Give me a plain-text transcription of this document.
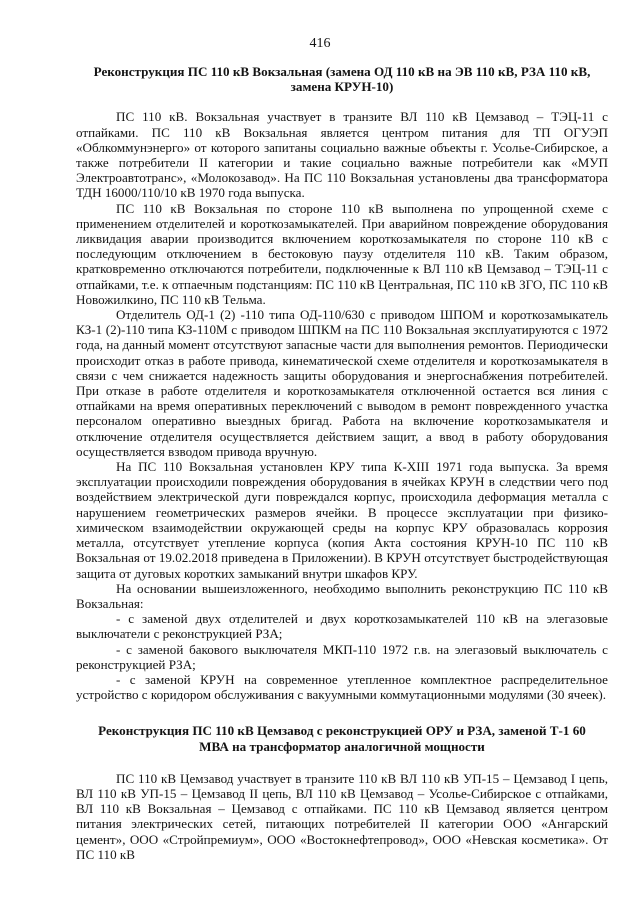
416

Реконструкция ПС 110 кВ Вокзальная (замена ОД 110 кВ на ЭВ 110 кВ, РЗА 110 кВ, замена КРУН-10)

ПС 110 кВ. Вокзальная участвует в транзите ВЛ 110 кВ Цемзавод – ТЭЦ-11 с отпайками. ПС 110 кВ Вокзальная является центром питания для ТП ОГУЭП «Облкоммунэнерго» от которого запитаны социально важные объекты г. Усолье-Сибирское, а также потребители II категории и такие социально важные потребители как «МУП Электроавтотранс», «Молокозавод». На ПС 110 Вокзальная установлены два трансформатора ТДН 16000/110/10 кВ 1970 года выпуска.

ПС 110 кВ Вокзальная по стороне 110 кВ выполнена по упрощенной схеме с применением отделителей и короткозамыкателей. При аварийном повреждение оборудования ликвидация аварии производится включением короткозамыкателя по стороне 110 кВ с последующим отключением в бестоковую паузу отделителя 110 кВ. Таким образом, кратковременно отключаются потребители, подключенные к ВЛ 110 кВ Цемзавод – ТЭЦ-11 с отпайками, т.е. к отпаечным подстанциям: ПС 110 кВ Центральная, ПС 110 кВ ЗГО, ПС 110 кВ Новожилкино, ПС 110 кВ Тельма.

Отделитель ОД-1 (2) -110 типа ОД-110/630 с приводом ШПОМ и короткозамыкатель КЗ-1 (2)-110 типа КЗ-110М с приводом ШПКМ на ПС 110 Вокзальная эксплуатируются с 1972 года, на данный момент отсутствуют запасные части для выполнения ремонтов. Периодически происходит отказ в работе привода, кинематической схеме отделителя и короткозамыкателя в связи с чем снижается надежность защиты оборудования и энергоснабжения потребителей. При отказе в работе отделителя и короткозамыкателя отключенной остается вся линия с отпайками на время оперативных переключений с выводом в ремонт поврежденного участка персоналом оперативно выездных бригад. Работа на включение короткозамыкателя и отключение отделителя осуществляется действием защит, а ввод в работу оборудования осуществляется взводом привода вручную.

На ПС 110 Вокзальная установлен КРУ типа К-XIII 1971 года выпуска. За время эксплуатации происходили повреждения оборудования в ячейках КРУН в следствии чего под воздействием электрической дуги повреждался корпус, происходила деформация металла с нарушением геометрических размеров ячейки. В процессе эксплуатации при физико-химическом взаимодействии окружающей среды на корпус КРУ образовалась коррозия металла, отсутствует утепление корпуса (копия Акта состояния КРУН-10 ПС 110 кВ Вокзальная от 19.02.2018 приведена в Приложении). В КРУН отсутствует быстродействующая защита от дуговых коротких замыканий внутри шкафов КРУ.

На основании вышеизложенного, необходимо выполнить реконструкцию ПС 110 кВ Вокзальная:

- с заменой двух отделителей и двух короткозамыкателей 110 кВ на элегазовые выключатели с реконструкцией РЗА;

- с заменой бакового выключателя МКП-110 1972 г.в. на элегазовый выключатель с реконструкцией РЗА;

- с заменой КРУН на современное утепленное комплектное распределительное устройство с коридором обслуживания с вакуумными коммутационными модулями (30 ячеек).

Реконструкция ПС 110 кВ Цемзавод с реконструкцией ОРУ и РЗА, заменой Т-1 60 МВА на трансформатор аналогичной мощности

ПС 110 кВ Цемзавод участвует в транзите 110 кВ ВЛ 110 кВ УП-15 – Цемзавод I цепь, ВЛ 110 кВ УП-15 – Цемзавод II цепь, ВЛ 110 кВ Цемзавод – Усолье-Сибирское с отпайками, ВЛ 110 кВ Вокзальная – Цемзавод с отпайками. ПС 110 кВ Цемзавод является центром питания электрических сетей, питающих потребителей II категории ООО «Ангарский цемент», ООО «Стройпремиум», ООО «Востокнефтепровод», ООО «Невская косметика». От ПС 110 кВ
